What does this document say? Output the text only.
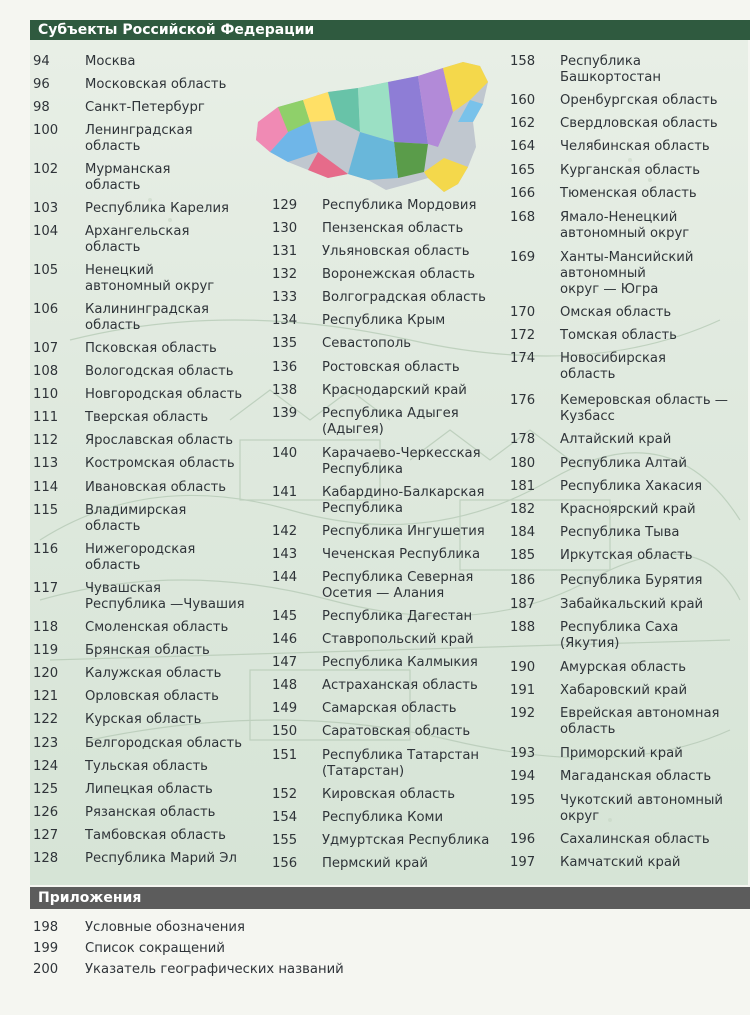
Субъекты Российской Федерации
94	Москва
96	Московская область
98	Санкт-Петербург
100 Ленинградская
область
102 Мурманская
область
103 Республика Карелия
104 Архангельская
область
105 Ненецкий
автономный округ
106 Калининградская
область
107 Псковская область
108 Вологодская область
110 Новгородская область
111 Тверская область
112 Ярославская область
113 Костромская область
114 Ивановская область
115 Владимирская
область
116 Нижегородская
область
117 Чувашская
Республика —Чувашия
118 Смоленская область
119 Брянская область
120 Калужская область
121 Орловская область
122 Курская область
123 Белгородская область
124 Тульская область
125 Липецкая область
126 Рязанская область
127 Тамбовская область
128 Республика Марий Эл
129 Республика Мордовия
130 Пензенская область
131 Ульяновская область
132 Воронежская область
133 Волгоградская область
134 Республика Крым
135 Севастополь
136 Ростовская область
138 Краснодарский край
139 Республика Адыгея
(Адыгея)
140 Карачаево-Черкесская
Республика
141 Кабардино-Балкарская
Республика
142 Республика Ингушетия
143 Чеченская Республика
144 Республика Северная
Осетия — Алания
145 Республика Дагестан
146 Ставропольский край
147 Республика Калмыкия
148 Астраханская область
149 Самарская область
150 Саратовская область
151 Республика Татарстан
(Татарстан)
152 Кировская область
154 Республика Коми
155 Удмуртская Республика
156 Пермский край
158 Республика
Башкортостан
160 Оренбургская область
162 Свердловская область
164 Челябинская область
165 Курганская область
166 Тюменская область
168 Ямало-Ненецкий
автономный округ
169 Ханты-Мансийский
автономный
округ — Югра
170 Омская область
172 Томская область
174 Новосибирская
область
176 Кемеровская область —
Кузбасс
178 Алтайский край
180 Республика Алтай
181 Республика Хакасия
182 Красноярский край
184 Республика Тыва
185 Иркутская область
186 Республика Бурятия
187 Забайкальский край
188 Республика Саха
(Якутия)
190 Амурская область
191 Хабаровский край
192 Еврейская автономная
область
193 Приморский край
194 Магаданская область
195 Чукотский автономный
округ
196 Сахалинская область
197 Камчатский край
Приложения
198 Условные обозначения
199 Список сокращений
200 Указатель географических названий
